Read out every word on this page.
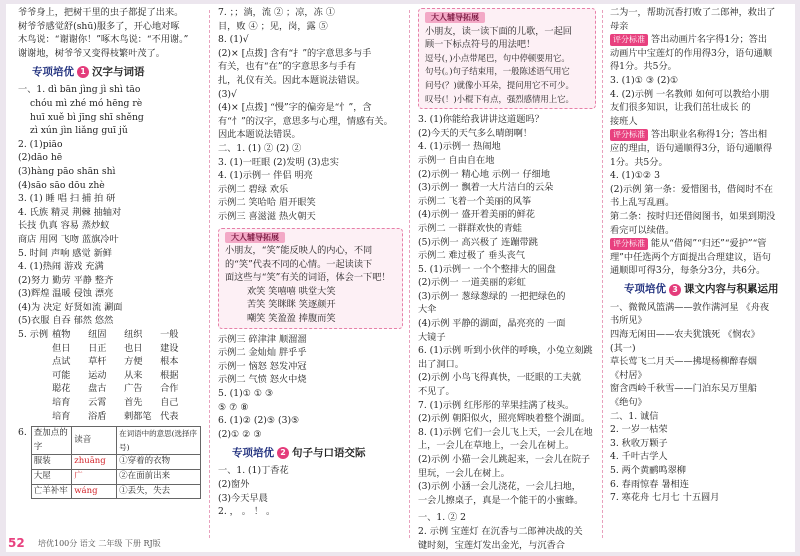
爷爷身上，把树干里的虫子都捉了出来。
树爷爷感觉舒(shū)服多了，开心地对啄
木鸟说：“谢谢你！”啄木鸟说：“不用谢。”
谢谢地，树爷爷又变得枝繁叶茂了。
专项培优 1 汉字与词语
一、1. dì bān jìng jì shì tāo
chóu mì zhé mó hēng rè
huī xuě bì jīng shī shěng
zì xún jìn liǎng guī jǔ
2. (1)piāo
(2)dāo hē
(3)hàng pāo shān shì
(4)sāo sāo dōu zhè
3. (1) 睡 唱 扫 捕 拍 研
4. 氏族 精灵 荆棘 抽轴对
长技 仇真 容易 蒸炒蚁
商店 用网 飞吻 蓝旗冷叶
5. 时间 声响 感觉 新鲜
4. (1)热闹 游戏 充满
(2)努力 勤劳 平静 整齐
(3)辉煌 温暖 侵蚀 漂亮
(4)为 决定 好贤如流 涮面
(5)衣服 自吞 郁然 悠然
5. 示例 植物	纽固	纽织	一般
但日	日正	也日	建设
点试	草杆	方便	根本
可能	运动	从来	根据
聪花	盘古	广告	合作
培育	云霄	首先	自己
培育	浴盾	剌都笔 代表
6. 查加点的字	读音	在词语中的意思(选择序号)
服装	zhuāng	①穿着的衣物
大屋	广	②在面前出来
亡羊补牢	wáng	①丢失，失去
7. ；；淌，流 ② ；凉，冻 ①
目，败 ④ ；见，岗，露 ⑤
8. (1)√
(2)× [点拨] 含有“扌”的字意思多与手
有关，也有“在”的字意思多与手有
扎，礼仪有关。因此本题说法错误。
(3)√
(4)× [点拨] “慢”字的偏旁是“忄”，含
有“忄”的汉字，意思多与心理，情感有关。
因此本题说法错误。
二、1. (1) ② (2) ②
3. (1)一旺眼 (2)发明 (3)忠实
4. (1)示例一 伴侣 明亮
示例二 碧绿 欢乐
示例二 笑哈哈 眉开眼笑
示例三 喜滋滋 热火朝天
大人辅导拓展
小朋友，“笑”能反映人的内心，不同
的“笑”代表不同的心情。一起读读下
面这些与“笑”有关的词语，体会一下吧！
欢笑 笑嘻嘻 哄堂大笑
苦笑 笑眯眯 笑逐颜开
嘲笑 笑盈盈 捧腹而笑
示例三 碎津津 顺溜溜
示例二 金灿灿 胖乎乎
示例一 恼怒 怒发冲冠
示例二 气愤 怒火中烧
5. (1)① ① ③
⑤ ⑦ ⑧
6. (1)② (2)⑤ (3)⑤
(2)① ② ③
专项培优 2 句子与口语交际
一、1. (1)丁香花
(2)窗外
(3)今天早晨
2. ， 。 ！ 。
大人辅导拓展
小朋友，读一读下面的儿歌，一起回
顾一下标点符号的用法吧！
逗号(，)小点带尾巴，句中停顿要用它。
句号(。)句子结束用，一般陈述语气用它
问号(？)就像小耳朵，提问用它不可少。
叹号(！)小棍下有点，强烈感情用上它。
3. (1)你能给我讲讲这道题吗？
(2)今天的天气多么晴朗啊！
4. (1)示例一 热闹地
示例一 自由自在地
(2)示例一 精心地 示例一 仔细地
(3)示例一 飘着一大片洁白的云朵
示例二 飞着一个美丽的风筝
(4)示例一 盛开着美丽的鲜花
示例二 一群群欢快的青蛙
(5)示例一 高兴极了 连蹦带跳
示例二 难过极了 垂头丧气
5. (1)示例一 一个个整排大的圆盘
(2)示例一 一道美丽的彩虹
(3)示例一 葱绿葱绿的 一把把绿色的
大伞
(4)示例 平静的湖面，晶亮亮的 一面
大镜子
6. (1)示例 听到小伙伴的呼唤，小兔立刻跳
出了洞口。
(2)示例 小鸟飞得真快，一眨眼的工夫就
不见了。
7. (1)示例 红彤彤的苹果挂满了枝头。
(2)示例 朝阳似火，照亮辉映着整个湖面。
8. (1)示例 它们一会儿飞上天，一会儿在地
上，一会儿在草地上，一会儿在树上。
(2)示例 小猫一会儿跳起来，一会儿在院子
里玩，一会儿在树上。
(3)示例 小涵一会儿浇花，一会儿扫地，
一会儿擦桌子，真是一个能干的小蜜蜂。
一、1. ② 2
2. 示例 宝莲灯 在沉香与二郎神决战的关
键时刻，宝莲灯发出金光，与沉香合
二为一，帮助沉香打败了二郎神，救出了
母亲
评分标准 答出动画片名字得1分；答出
动画片中宝莲灯的作用得3分，语句通顺
得1分。共5分。
3. (1)① ③ (2)①
4. (2)示例 一名教师 如何可以教给小朋
友们很多知识，让我们茁壮成长 的
接班人
评分标准 答出职业名称得1分；答出相
应的理由，语句通顺得3分，语句通顺得
1分。共5分。
4. (1)①② 3
(2)示例 第一条：爱惜图书，借阅时不在
书上乱写乱画。
第二条：按时归还借阅图书，如果到期没
看完可以续借。
评分标准 能从“借阅”“归还”“爱护”“管
理”中任选两个方面提出合理建议，语句
通顺即可得3分，每条分3分，共6分。
专项培优 3 课文内容与积累运用
一、微微风篮满——敦作满河星 《舟夜
书所见》
四海无闲田——农夫犹饿死 《悯农》
(其一)
草长莺飞二月天——拂堤杨柳醉春烟
《村居》
窗含西岭千秋雪——门泊东吴万里船
《绝句》
二、1. 诚信
2. 一岁一枯荣
3. 秋收万颗子
4. 千叶古学人
5. 两个黄鹂鸣翠柳
6. 春雨惊春 暑相连
7. 寒花舟 七月七 十五圆月
52 培优100分 语文 二年级 下册 RJ版
